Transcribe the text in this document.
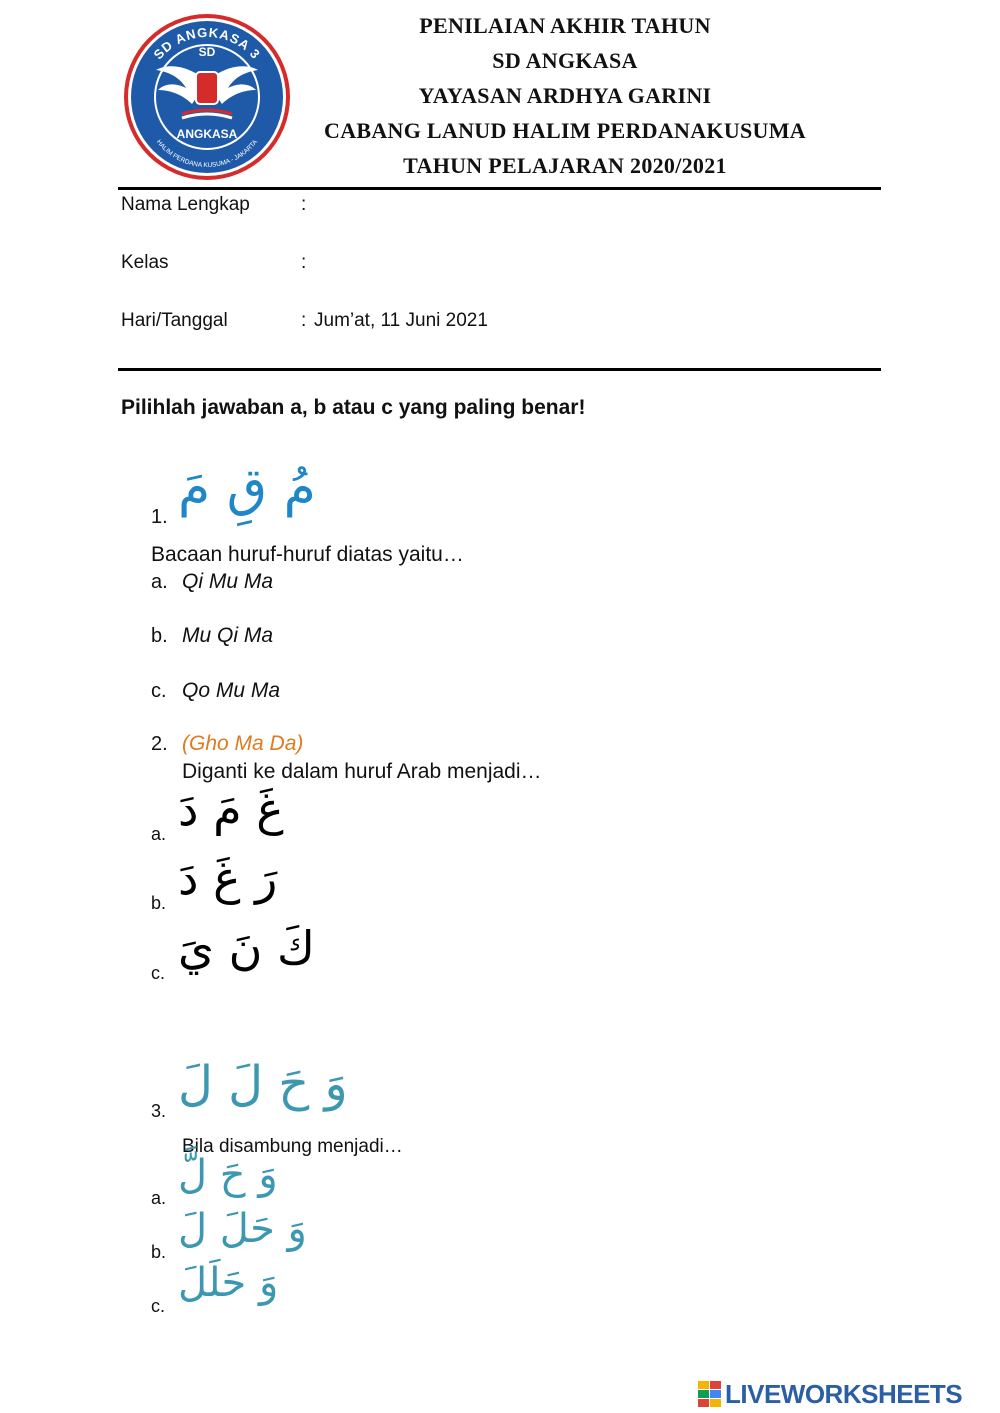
SD ANGKASA 3
SD
ANGKASA
HALIM PERDANA KUSUMA - JAKARTA
PENILAIAN AKHIR TAHUN
SD ANGKASA
YAYASAN ARDHYA GARINI
CABANG LANUD HALIM PERDANAKUSUMA
TAHUN PELAJARAN 2020/2021
Nama Lengkap	:
Kelas	:
Hari/Tanggal	: Jum’at, 11 Juni 2021
Pilihlah jawaban a, b atau c yang paling benar!
1. مُ قِ مَ
Bacaan huruf-huruf diatas yaitu…
a. Qi Mu Ma
b. Mu Qi Ma
c. Qo Mu Ma
2. (Gho Ma Da)
Diganti ke dalam huruf Arab menjadi…
a. غَ مَ دَ
b. رَ غَ دَ
c. كَ نَ يَ
3. وَ حَ لَ لَ
Bila disambung menjadi…
a. وَ حَ لَّ
b. وَ حَلَ لَ
c. وَ حَلَلَ
LIVEWORKSHEETS
